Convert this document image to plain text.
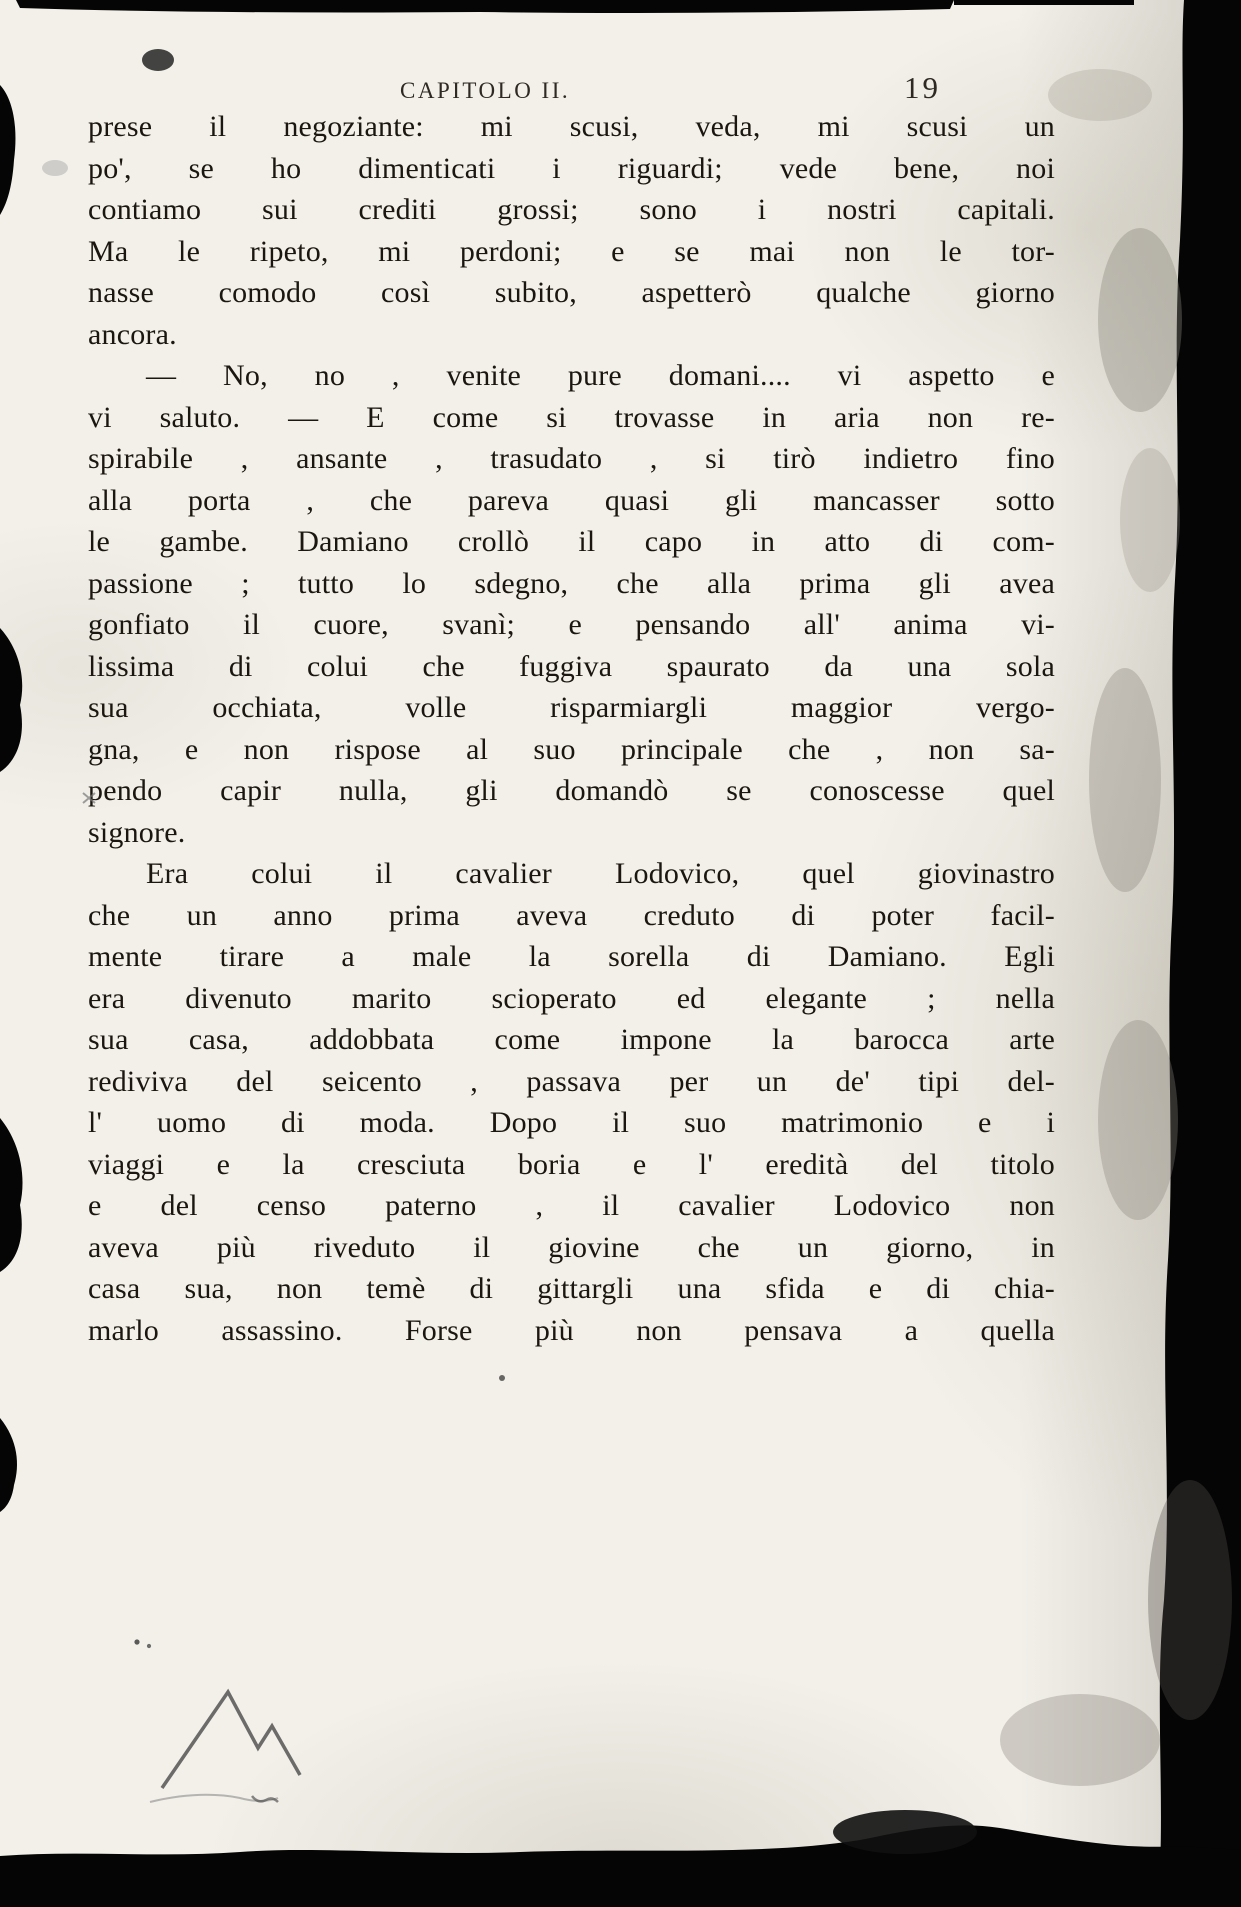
CAPITOLO II.	19
prese il negoziante: mi scusi, veda, mi scusi un
po', se ho dimenticati i riguardi; vede bene, noi
contiamo sui crediti grossi; sono i nostri capitali.
Ma le ripeto, mi perdoni; e se mai non le tor-
nasse comodo così subito, aspetterò qualche giorno
ancora.
— No, no , venite pure domani.... vi aspetto e
vi saluto. — E come si trovasse in aria non re-
spirabile , ansante , trasudato , si tirò indietro fino
alla porta , che pareva quasi gli mancasser sotto
le gambe. Damiano crollò il capo in atto di com-
passione ; tutto lo sdegno, che alla prima gli avea
gonfiato il cuore, svanì; e pensando all' anima vi-
lissima di colui che fuggiva spaurato da una sola
sua occhiata, volle risparmiargli maggior vergo-
gna, e non rispose al suo principale che , non sa-
pendo capir nulla, gli domandò se conoscesse quel
signore.
Era colui il cavalier Lodovico, quel giovinastro
che un anno prima aveva creduto di poter facil-
mente tirare a male la sorella di Damiano. Egli
era divenuto marito scioperato ed elegante ; nella
sua casa, addobbata come impone la barocca arte
rediviva del seicento , passava per un de' tipi del-
l' uomo di moda. Dopo il suo matrimonio e i
viaggi e la cresciuta boria e l' eredità del titolo
e del censo paterno , il cavalier Lodovico non
aveva più riveduto il giovine che un giorno, in
casa sua, non temè di gittargli una sfida e di chia-
marlo assassino. Forse più non pensava a quella
